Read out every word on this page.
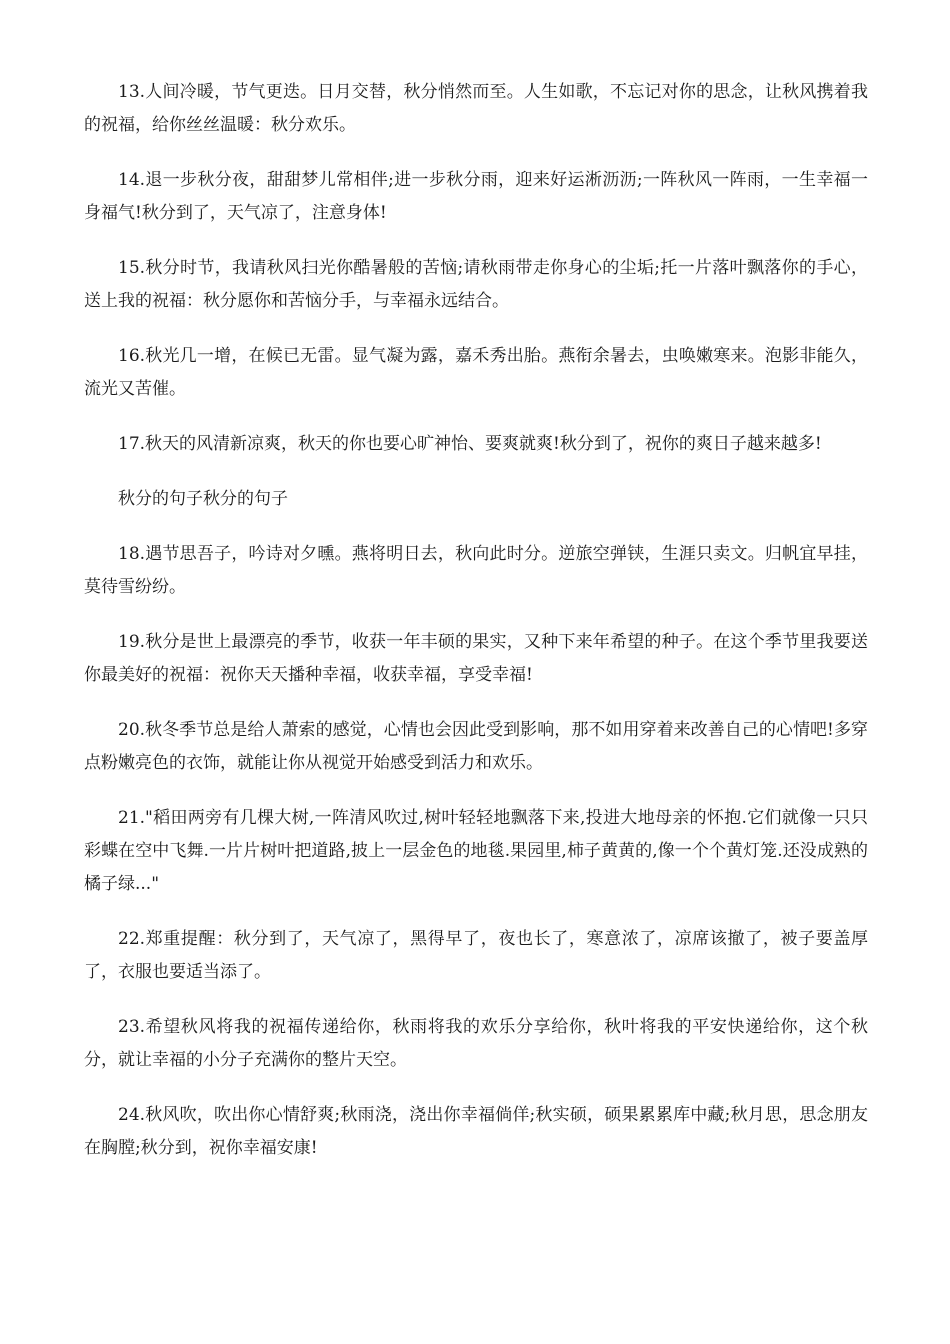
13.人间冷暖，节气更迭。日月交替，秋分悄然而至。人生如歌，不忘记对你的思念，让秋风携着我的祝福，给你丝丝温暖：秋分欢乐。

14.退一步秋分夜，甜甜梦儿常相伴;进一步秋分雨，迎来好运淅沥沥;一阵秋风一阵雨，一生幸福一身福气!秋分到了，天气凉了，注意身体!

15.秋分时节，我请秋风扫光你酷暑般的苦恼;请秋雨带走你身心的尘垢;托一片落叶飘落你的手心，送上我的祝福：秋分愿你和苦恼分手，与幸福永远结合。

16.秋光几一增，在候已无雷。显气凝为露，嘉禾秀出胎。燕衔余暑去，虫唤嫩寒来。泡影非能久，流光又苦催。

17.秋天的风清新凉爽，秋天的你也要心旷神怡、要爽就爽!秋分到了，祝你的爽日子越来越多!

秋分的句子秋分的句子

18.遇节思吾子，吟诗对夕曛。燕将明日去，秋向此时分。逆旅空弹铗，生涯只卖文。归帆宜早挂，莫待雪纷纷。

19.秋分是世上最漂亮的季节，收获一年丰硕的果实，又种下来年希望的种子。在这个季节里我要送你最美好的祝福：祝你天天播种幸福，收获幸福，享受幸福!

20.秋冬季节总是给人萧索的感觉，心情也会因此受到影响，那不如用穿着来改善自己的心情吧!多穿点粉嫩亮色的衣饰，就能让你从视觉开始感受到活力和欢乐。

21."稻田两旁有几棵大树,一阵清风吹过,树叶轻轻地飘落下来,投进大地母亲的怀抱.它们就像一只只彩蝶在空中飞舞.一片片树叶把道路,披上一层金色的地毯.果园里,柿子黄黄的,像一个个黄灯笼.还没成熟的橘子绿..."

22.郑重提醒：秋分到了，天气凉了，黑得早了，夜也长了，寒意浓了，凉席该撤了，被子要盖厚了，衣服也要适当添了。

23.希望秋风将我的祝福传递给你，秋雨将我的欢乐分享给你，秋叶将我的平安快递给你，这个秋分，就让幸福的小分子充满你的整片天空。

24.秋风吹，吹出你心情舒爽;秋雨浇，浇出你幸福倘佯;秋实硕，硕果累累库中藏;秋月思，思念朋友在胸膛;秋分到，祝你幸福安康!
